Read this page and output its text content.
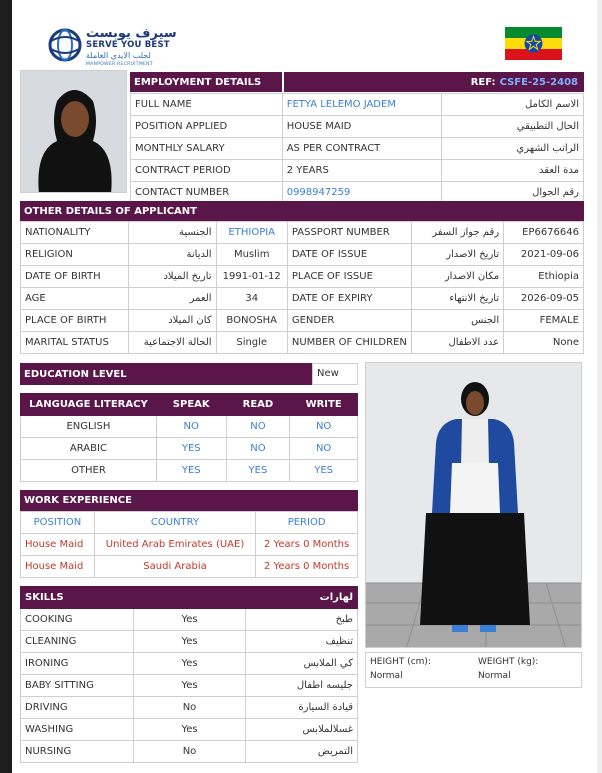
سيرف يوبست
SERVE YOU BEST
لجلب الايدي العاملة
MANPOWER RECRUITMENT
EMPLOYMENT DETAILS	REF: CSFE-25-2408
FULL NAME	FETYA LELEMO JADEM	الاسم الكامل
POSITION APPLIED	HOUSE MAID	الحال التطبيقي
MONTHLY SALARY	AS PER CONTRACT	الراتب الشهري
CONTRACT PERIOD	2 YEARS	مدة العقد
CONTACT NUMBER	0998947259	رقم الجوال
OTHER DETAILS OF APPLICANT
NATIONALITY	الجنسية	ETHIOPIA	PASSPORT NUMBER	رقم جواز السفر	EP6676646
RELIGION	الديانة	Muslim	DATE OF ISSUE	تاريخ الاصدار	2021-09-06
DATE OF BIRTH	تاريخ الميلاد	1991-01-12	PLACE OF ISSUE	مكان الاصدار	Ethiopia
AGE	العمر	34	DATE OF EXPIRY	تاريخ الانتهاء	2026-09-05
PLACE OF BIRTH	كان الميلاد	BONOSHA	GENDER	الجنس	FEMALE
MARITAL STATUS	الحالة الاجتماعية	Single	NUMBER OF CHILDREN	عدد الاطفال	None
EDUCATION LEVEL	New
LANGUAGE LITERACY	SPEAK	READ	WRITE
ENGLISH	NO	NO	NO
ARABIC	YES	NO	NO
OTHER	YES	YES	YES
WORK EXPERIENCE
POSITION	COUNTRY	PERIOD
House Maid	United Arab Emirates (UAE)	2 Years 0 Months
House Maid	Saudi Arabia	2 Years 0 Months
SKILLS		لهارات
COOKING	Yes	طبخ
CLEANING	Yes	تنظيف
IRONING	Yes	كي الملابس
BABY SITTING	Yes	جليسه اطفال
DRIVING	No	قيادة السيارة
WASHING	Yes	غسلالملابس
NURSING	No	التمريض
HEIGHT (cm):
Normal
WEIGHT (kg):
Normal
